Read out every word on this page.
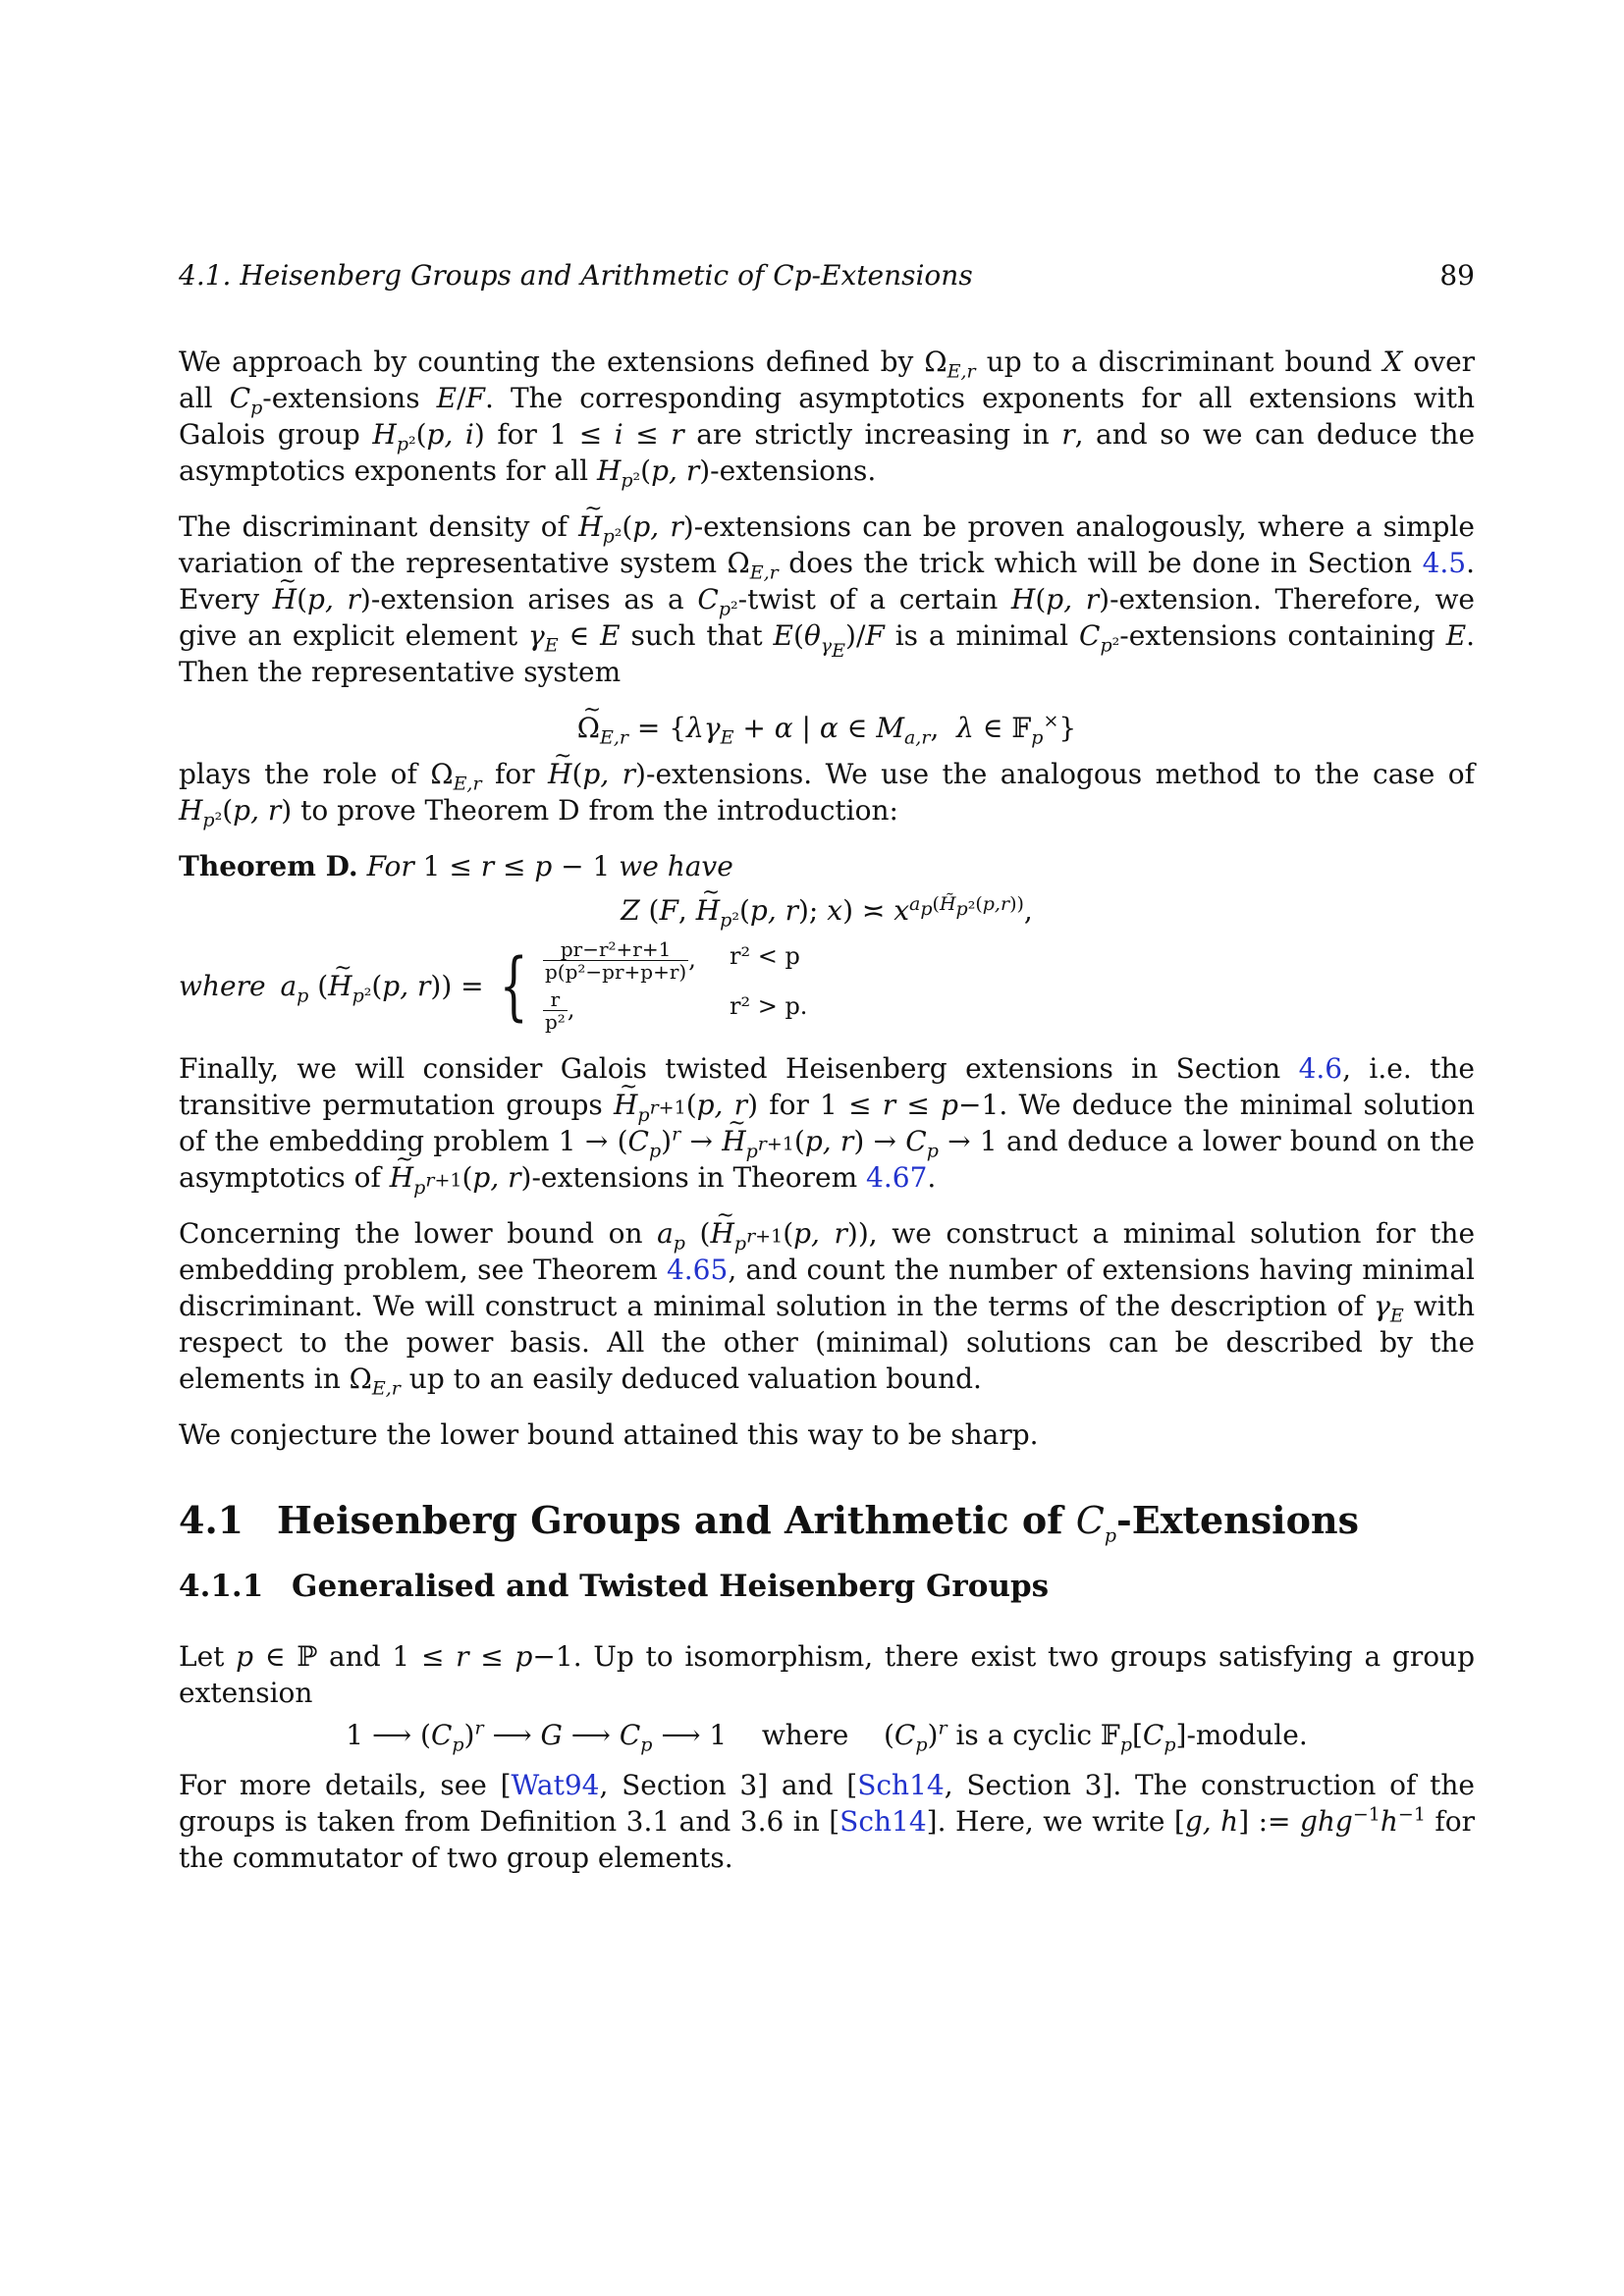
4.1. Heisenberg Groups and Arithmetic of Cp-Extensions	89

We approach by counting the extensions defined by $\Omega_{E,r}$ up to a discriminant bound X over all $C_p$-extensions E/F. The corresponding asymptotics exponents for all extensions with Galois group $H_{p^2}(p$, i) for 1 ≤ i ≤ r are strictly increasing in r, and so we can deduce the asymptotics exponents for all $H_{p^2}(p$, r)-extensions.

The discriminant density of ~ $H_{p^2}(p$, r)-extensions can be proven analogously, where a simple variation of the representative system $\Omega_{E,r}$ does the trick which will be done in Section 4.5. Every ~ H(p, r)-extension arises as a $C_{p^2}$-twist of a certain H(p, r)-extension. Therefore, we give an explicit element $\gamma_E$ ∈ E such that $E(\theta_{\gamma_E})/F$ is a minimal $C_{p^2}$-extensions containing E. Then the representative system

~ $\Omega_{E,r} = \{\lambda\gamma_E + \alpha$ | α ∈ $M_{a,r}$,  λ ∈ 𝔽$_p$×}

plays the role of $\Omega_{E,r}$ for ~ H(p, r)-extensions. We use the analogous method to the case of $H_{p^2}(p$, r) to prove Theorem D from the introduction:

Theorem D. For 1 ≤ r ≤ p − 1 we have

Z (F, ~ $H_{p^2}(p$, r); x) ≍ $x^{a_p(H̃_{p^2}(p,r))}$,
where $a_p$ (~ $H_{p^2}(p$, r)) = { $\frac{\text{pr−r²+r+1}}{\text{p(p²−pr+p+r)}}$ ,	r² < p
$\frac{r}{\text{p²}}$ ,	r² > p.

Finally, we will consider Galois twisted Heisenberg extensions in Section 4.6, i.e. the transitive permutation groups ~ $H_{p^{r+1}}(p$, r) for 1 ≤ r ≤ p−1. We deduce the minimal solution of the embedding problem $1 \to (C_p)^r$ → ~ $H_{p^{r+1}}(p$, $r) \to C_p \to 1$ and deduce a lower bound on the asymptotics of ~ $H_{p^{r+1}}(p$, r)-extensions in Theorem 4.67.

Concerning the lower bound on $a_p$ (~ $H_{p^{r+1}}(p$, r)), we construct a minimal solution for the embedding problem, see Theorem 4.65, and count the number of extensions having minimal discriminant. We will construct a minimal solution in the terms of the description of $\gamma_E$ with respect to the power basis. All the other (minimal) solutions can be described by the elements in $\Omega_{E,r}$ up to an easily deduced valuation bound.

We conjecture the lower bound attained this way to be sharp.

4.1 Heisenberg Groups and Arithmetic of $C_p$-Extensions
4.1.1 Generalised and Twisted Heisenberg Groups

Let p ∈ ℙ and 1 ≤ r ≤ p−1. Up to isomorphism, there exist two groups satisfying a group extension

1 ⟶ $(C_p)^r$ ⟶ G ⟶ $C_p$ ⟶ 1    where    $(C_p)^r$ is a cyclic $𝔽_p[C_p]$-module.

For more details, see [Wat94, Section 3] and [Sch14, Section 3]. The construction of the groups is taken from Definition 3.1 and 3.6 in [Sch14]. Here, we write [g, h] := $ghg^{-1}h^{-1}$ for the commutator of two group elements.
